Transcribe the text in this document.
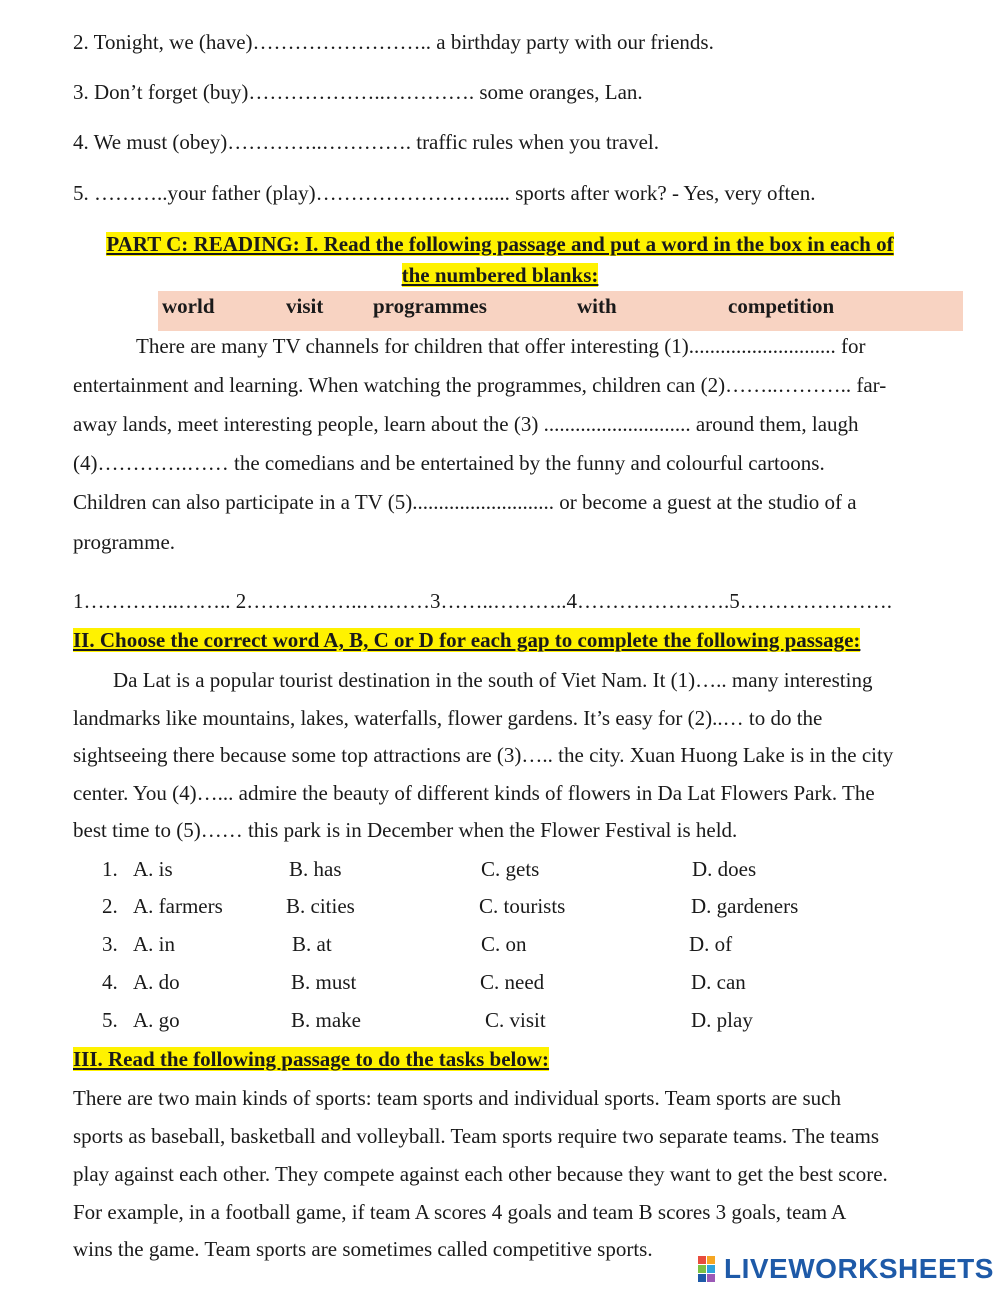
2. Tonight, we (have)…………………….. a birthday party with our friends.
3. Don’t forget (buy)………………..…………. some oranges, Lan.
4. We must (obey)…………..…………. traffic rules when you travel.
5. ………..your father (play)……………………..... sports after work? - Yes, very often.
PART C: READING: I. Read the following passage and put a word in the box in each of
the numbered blanks:
world	visit programmes	with	competition
There are many TV channels for children that offer interesting (1)............................ for
entertainment and learning. When watching the programmes, children can (2)……..……….. far-
away lands, meet interesting people, learn about the (3) ............................ around them, laugh
(4)………….…… the comedians and be entertained by the funny and colourful cartoons.
Children can also participate in a TV (5)........................... or become a guest at the studio of a
programme.
1…………..…….. 2……………..….……3……..………..4………………….5………………….
II. Choose the correct word A, B, C or D for each gap to complete the following passage:
Da Lat is a popular tourist destination in the south of Viet Nam. It (1)….. many interesting
landmarks like mountains, lakes, waterfalls, flower gardens. It’s easy for (2)..… to do the
sightseeing there because some top attractions are (3)….. the city. Xuan Huong Lake is in the city
center. You (4)…... admire the beauty of different kinds of flowers in Da Lat Flowers Park. The
best time to (5)…… this park is in December when the Flower Festival is held.
1. A. is	B. has	C. gets	D. does
2. A. farmers	B. cities	C. tourists	D. gardeners
3. A. in	B. at	C. on	D. of
4. A. do	B. must	C. need	D. can
5. A. go	B. make	C. visit	D. play
III. Read the following passage to do the tasks below:
There are two main kinds of sports: team sports and individual sports. Team sports are such
sports as baseball, basketball and volleyball. Team sports require two separate teams. The teams
play against each other. They compete against each other because they want to get the best score.
For example, in a football game, if team A scores 4 goals and team B scores 3 goals, team A
wins the game. Team sports are sometimes called competitive sports.
LIVEWORKSHEETS
